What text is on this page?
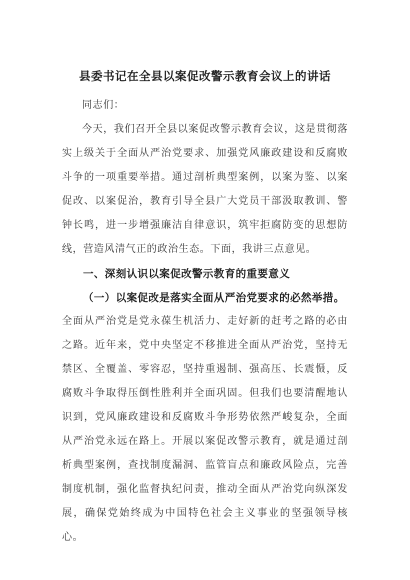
县委书记在全县以案促改警示教育会议上的讲话

同志们：

今天，我们召开全县以案促改警示教育会议，这是贯彻落实上级关于全面从严治党要求、加强党风廉政建设和反腐败斗争的一项重要举措。通过剖析典型案例，以案为鉴、以案促改、以案促治，教育引导全县广大党员干部汲取教训、警钟长鸣，进一步增强廉洁自律意识，筑牢拒腐防变的思想防线，营造风清气正的政治生态。下面，我讲三点意见。

一、深刻认识以案促改警示教育的重要意义

（一）以案促改是落实全面从严治党要求的必然举措。

全面从严治党是党永葆生机活力、走好新的赶考之路的必由之路。近年来，党中央坚定不移推进全面从严治党，坚持无禁区、全覆盖、零容忍，坚持重遏制、强高压、长震慑，反腐败斗争取得压倒性胜利并全面巩固。但我们也要清醒地认识到，党风廉政建设和反腐败斗争形势依然严峻复杂，全面从严治党永远在路上。开展以案促改警示教育，就是通过剖析典型案例，查找制度漏洞、监管盲点和廉政风险点，完善制度机制，强化监督执纪问责，推动全面从严治党向纵深发展，确保党始终成为中国特色社会主义事业的坚强领导核心。
